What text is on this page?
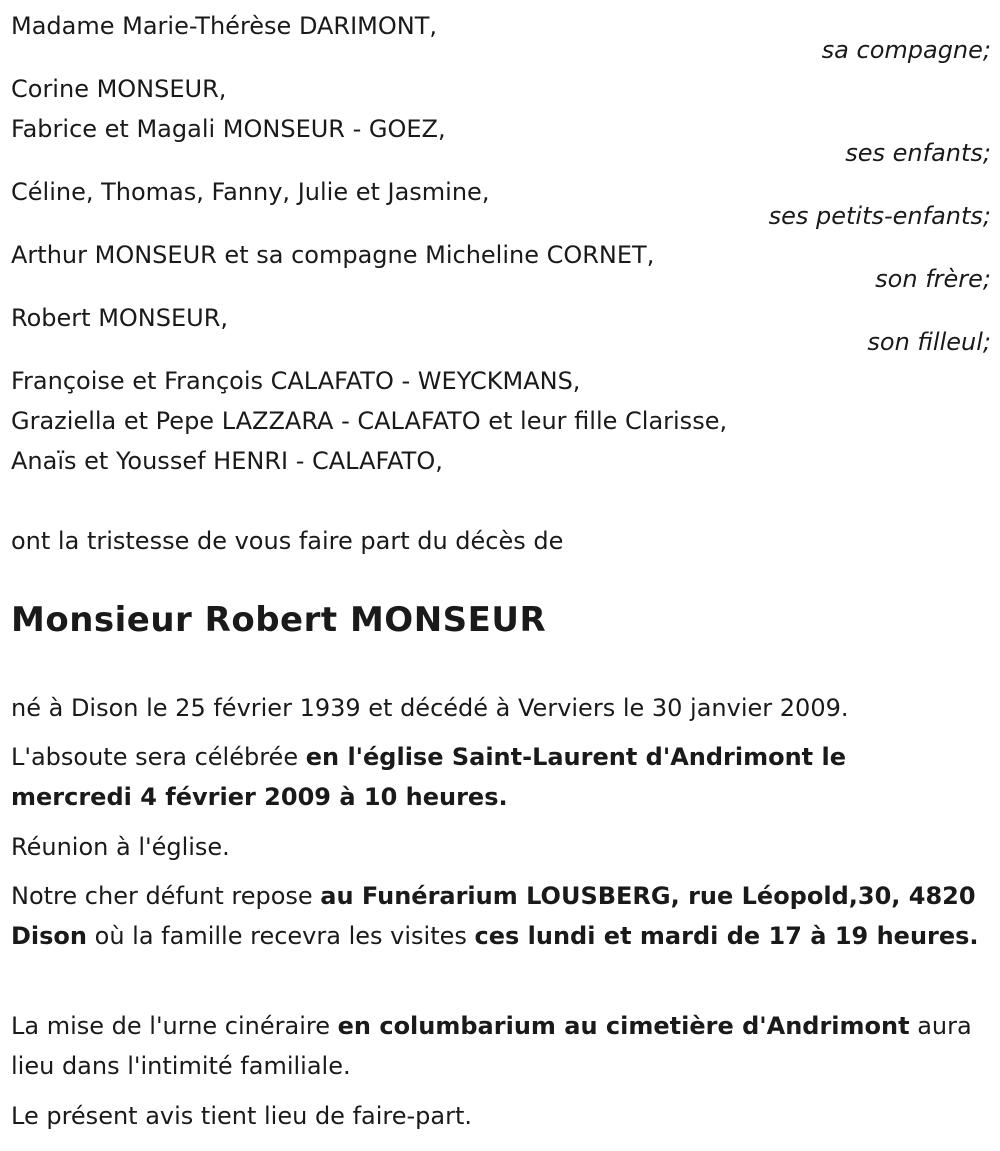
Madame Marie-Thérèse DARIMONT,
sa compagne;
Corine MONSEUR,
Fabrice et Magali MONSEUR - GOEZ,
ses enfants;
Céline, Thomas, Fanny, Julie et Jasmine,
ses petits-enfants;
Arthur MONSEUR et sa compagne Micheline CORNET,
son frère;
Robert MONSEUR,
son filleul;
Françoise et François CALAFATO - WEYCKMANS,
Graziella et Pepe LAZZARA - CALAFATO et leur fille Clarisse,
Anaïs et Youssef HENRI - CALAFATO,
ont la tristesse de vous faire part du décès de
Monsieur Robert MONSEUR
né à Dison le 25 février 1939 et décédé à Verviers le 30 janvier 2009.
L'absoute sera célébrée en l'église Saint-Laurent d'Andrimont le mercredi 4 février 2009 à 10 heures.
Réunion à l'église.
Notre cher défunt repose au Funérarium LOUSBERG, rue Léopold,30, 4820 Dison où la famille recevra les visites ces lundi et mardi de 17 à 19 heures.
La mise de l'urne cinéraire en columbarium au cimetière d'Andrimont aura lieu dans l'intimité familiale.
Le présent avis tient lieu de faire-part.
